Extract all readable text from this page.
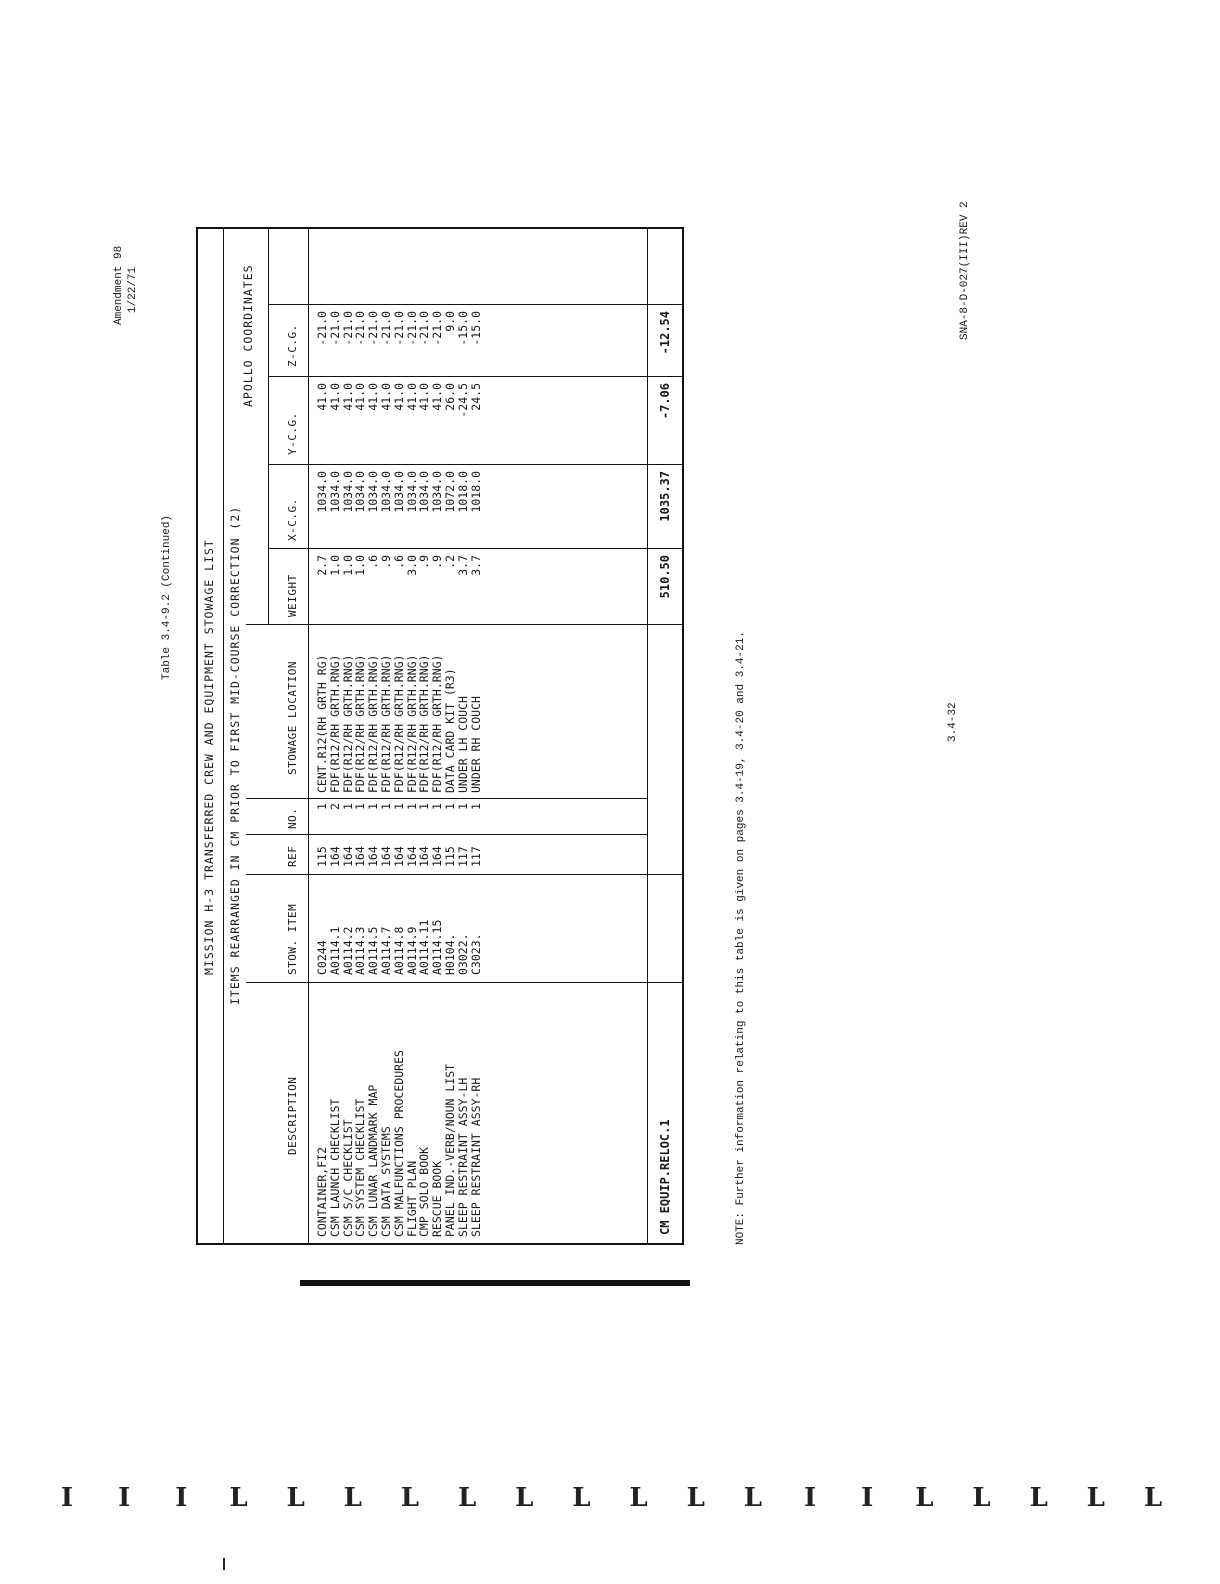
Amendment 98 1/22/71
Table 3.4-9.2 (Continued)
3.4-32
SNA-8-D-027(III)REV 2
NOTE: Further information relating to this table is given on pages 3.4-19, 3.4-20 and 3.4-21.
MISSION H-3 TRANSFERRED CREW AND EQUIPMENT STOWAGE LIST ITEMS REARRANGED IN CM PRIOR TO FIRST MID-COURSE CORRECTION (2)
APOLLO COORDINATES
DESCRIPTION
STOW. ITEM
REF
NO.
STOWAGE LOCATION
WEIGHT
X-C.G.
Y-C.G.
Z-C.G.
CONTAINER,FI2
C0244
115
1
CENT.R12(RH GRTH RG)
2.7
1034.0
41.0
-21.0
CSM LAUNCH CHECKLIST
A0114.1
164
2
FDF(R12/RH GRTH.RNG)
1.0
1034.0
41.0
-21.0
CSM S/C CHECKLIST
A0114.2
164
1
FDF(R12/RH GRTH.RNG)
1.0
1034.0
41.0
-21.0
CSM SYSTEM CHECKLIST
A0114.3
164
1
FDF(R12/RH GRTH.RNG)
1.0
1034.0
41.0
-21.0
CSM LUNAR LANDMARK MAP
A0114.5
164
1
FDF(R12/RH GRTH.RNG)
.6
1034.0
41.0
-21.0
CSM DATA SYSTEMS
A0114.7
164
1
FDF(R12/RH GRTH.RNG)
.9
1034.0
41.0
-21.0
CSM MALFUNCTIONS PROCEDURES
A0114.8
164
1
FDF(R12/RH GRTH.RNG)
.6
1034.0
41.0
-21.0
FLIGHT PLAN
A0114.9
164
1
FDF(R12/RH GRTH.RNG)
3.0
1034.0
41.0
-21.0
CMP SOLO BOOK
A0114.11
164
1
FDF(R12/RH GRTH.RNG)
.9
1034.0
41.0
-21.0
RESCUE BOOK
A0114.15
164
1
FDF(R12/RH GRTH.RNG)
.9
1034.0
41.0
-21.0
PANEL IND.-VERB/NOUN LIST
H0104.
115
1
DATA CARD KIT (R3)
.2
1072.0
26.0
9.0
SLEEP RESTRAINT ASSY-LH
03022.
117
1
UNDER LH COUCH
3.7
1018.0
-24.5
-15.0
SLEEP RESTRAINT ASSY-RH
C3023.
117
1
UNDER RH COUCH
3.7
1018.0
24.5
-15.0
CM EQUIP.RELOC.1
510.50
1035.37
-7.06
-12.54
I I I L L L L L L L L L L I I L L L L L
